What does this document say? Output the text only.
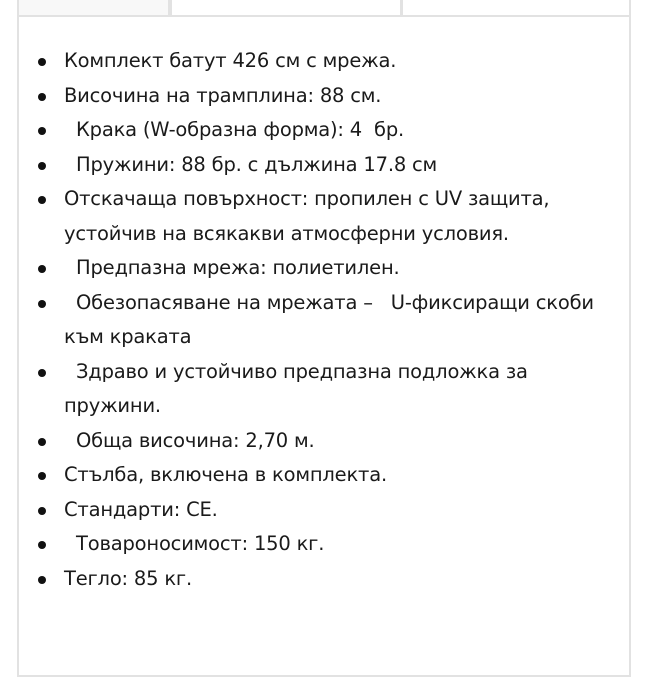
Комплект батут 426 см с мрежа.
Височина на трамплина: 88 см.
Крака (W-образна форма): 4  бр.
Пружини: 88 бр. с дължина 17.8 см
Отскачаща повърхност: пропилен с UV защита, устойчив на всякакви атмосферни условия.
Предпазна мрежа: полиетилен.
Обезопасяване на мрежата –   U-фиксиращи скоби към краката
Здраво и устойчиво предпазна подложка за пружини.
Обща височина: 2,70 м.
Стълба, включена в комплекта.
Стандарти: CE.
Товароносимост: 150 кг.
Тегло: 85 кг.
